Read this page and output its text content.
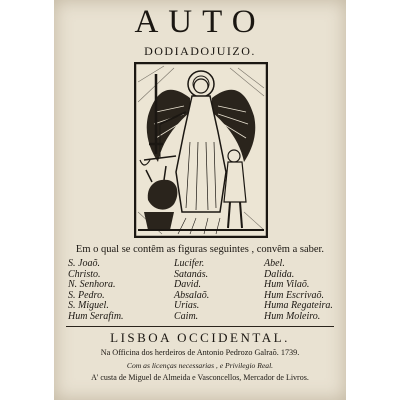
AUTO
DODIADOJUIZO.
Em o qual se contêm as figuras seguintes , convêm a saber.
S. Joaõ.
Christo.
N. Senhora.
S. Pedro.
S. Miguel.
Hum Serafim.
Lucifer.
Satanás.
David.
Absalaõ.
Urias.
Caim.
Abel.
Dalida.
Hum Vilaõ.
Hum Escrivaõ.
Huma Regateira.
Hum Moleiro.
LISBOA OCCIDENTAL.
Na Officina dos herdeiros de Antonio Pedrozo Galraõ. 1739.
Com as licenças necessarias , e Privilegio Real.
A' custa de Miguel de Almeida e Vasconcellos, Mercador de Livros.
